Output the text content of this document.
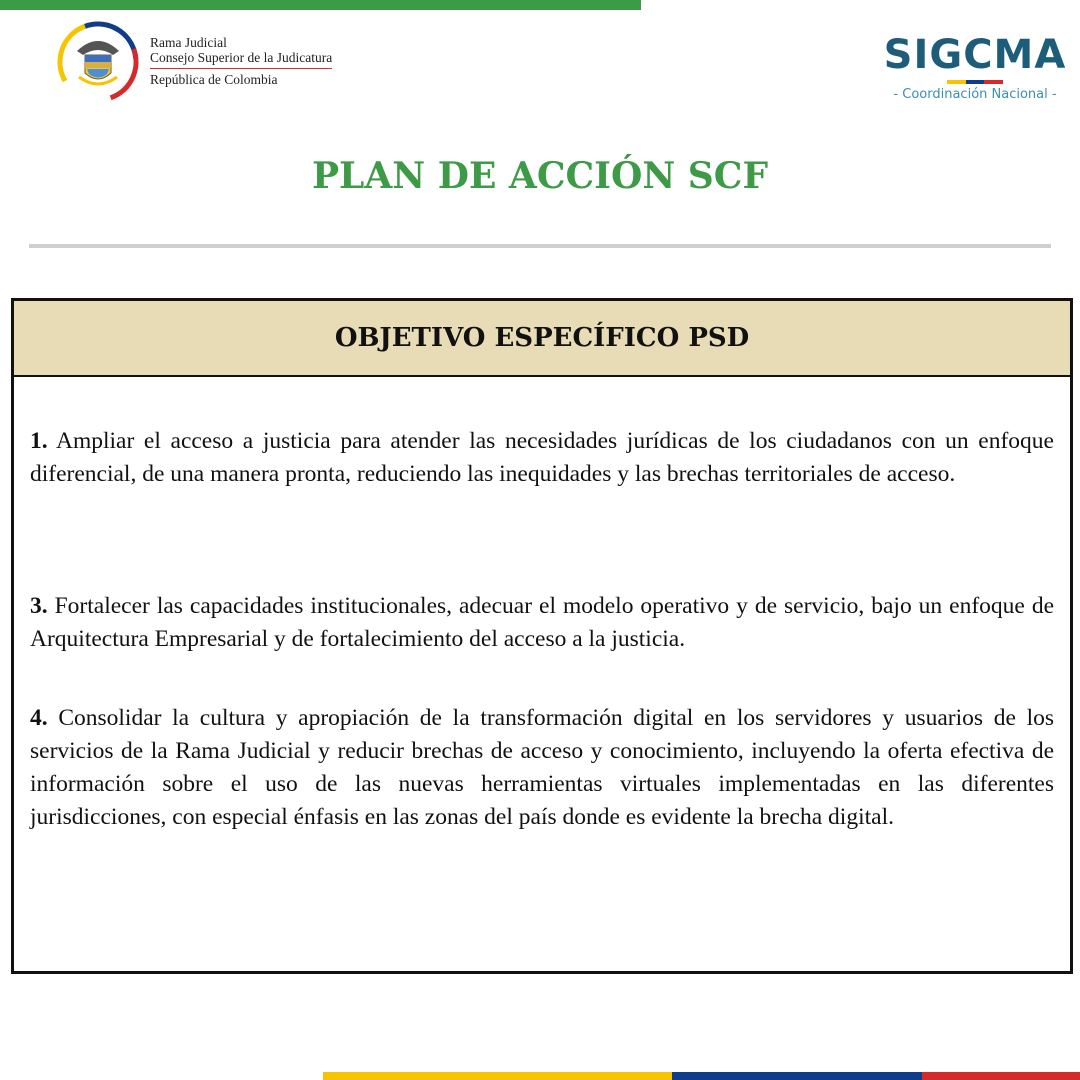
Rama Judicial
Consejo Superior de la Judicatura
República de Colombia
SIGCMA
- Coordinación Nacional -
PLAN DE ACCIÓN SCF
OBJETIVO ESPECÍFICO PSD

1. Ampliar el acceso a justicia para atender las necesidades jurídicas de los ciudadanos con un enfoque diferencial, de una manera pronta, reduciendo las inequidades y las brechas territoriales de acceso.

3. Fortalecer las capacidades institucionales, adecuar el modelo operativo y de servicio, bajo un enfoque de Arquitectura Empresarial y de fortalecimiento del acceso a la justicia.

4. Consolidar la cultura y apropiación de la transformación digital en los servidores y usuarios de los servicios de la Rama Judicial y reducir brechas de acceso y conocimiento, incluyendo la oferta efectiva de información sobre el uso de las nuevas herramientas virtuales implementadas en las diferentes jurisdicciones, con especial énfasis en las zonas del país donde es evidente la brecha digital.
